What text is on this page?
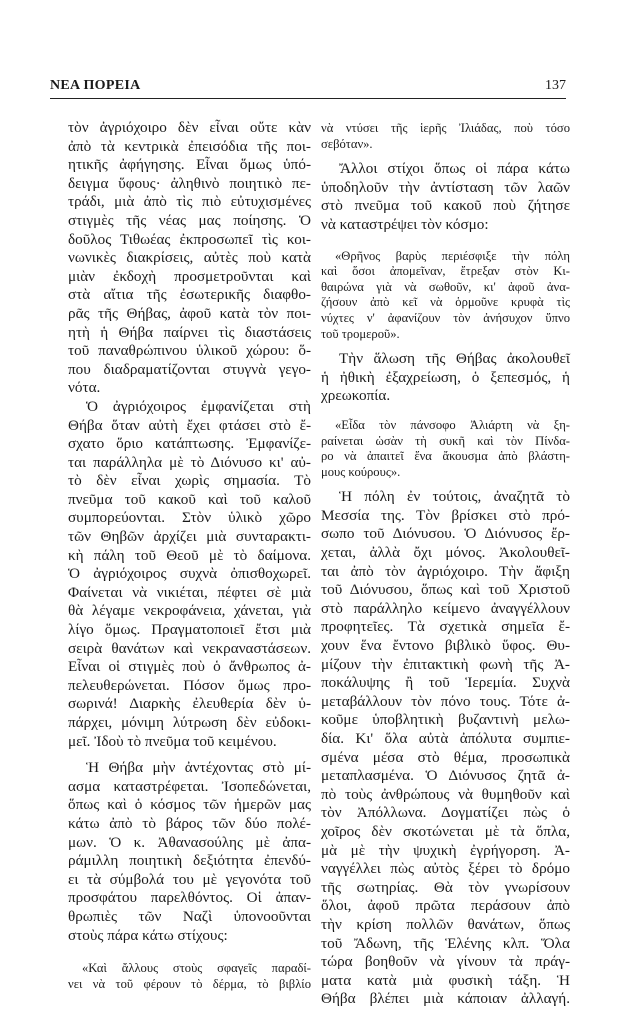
ΝΕΑ ΠΟΡΕΙΑ	137
τὸν ἀγριόχοιρο δὲν εἶναι οὔτε κὰν
ἀπὸ τὰ κεντρικὰ ἐπεισόδια τῆς ποι-
ητικῆς ἀφήγησης. Εἶναι ὅμως ὑπό-
δειγμα ὕφους· ἀληθινὸ ποιητικὸ πε-
τράδι, μιὰ ἀπὸ τὶς πιὸ εὐτυχισμένες
στιγμὲς τῆς νέας μας ποίησης. Ὁ
δοῦλος Τιθωέας ἐκπροσωπεῖ τὶς κοι-
νωνικὲς διακρίσεις, αὐτὲς ποὺ κατὰ
μιὰν ἐκδοχὴ προσμετροῦνται καὶ
στὰ αἴτια τῆς ἐσωτερικῆς διαφθο-
ρᾶς τῆς Θήβας, ἀφοῦ κατὰ τὸν ποι-
ητὴ ἡ Θήβα παίρνει τὶς διαστάσεις
τοῦ παναθρώπινου ὑλικοῦ χώρου: ὅ-
που διαδραματίζονται στυγνὰ γεγο-
νότα.
Ὁ ἀγριόχοιρος ἐμφανίζεται στὴ
Θήβα ὅταν αὐτὴ ἔχει φτάσει στὸ ἔ-
σχατο ὅριο κατάπτωσης. Ἐμφανίζε-
ται παράλληλα μὲ τὸ Διόνυσο κι' αὐ-
τὸ δὲν εἶναι χωρὶς σημασία. Τὸ
πνεῦμα τοῦ κακοῦ καὶ τοῦ καλοῦ
συμπορεύονται. Στὸν ὑλικὸ χῶρο
τῶν Θηβῶν ἀρχίζει μιὰ συνταρακτι-
κὴ πάλη τοῦ Θεοῦ μὲ τὸ δαίμονα.
Ὁ ἀγριόχοιρος συχνὰ ὀπισθοχωρεῖ.
Φαίνεται νὰ νικιέται, πέφτει σὲ μιὰ
θὰ λέγαμε νεκροφάνεια, χάνεται, γιὰ
λίγο ὅμως. Πραγματοποιεῖ ἔτσι μιὰ
σειρὰ θανάτων καὶ νεκραναστάσεων.
Εἶναι οἱ στιγμὲς ποὺ ὁ ἄνθρωπος ἀ-
πελευθερώνεται. Πόσον ὅμως προ-
σωρινά! Διαρκὴς ἐλευθερία δὲν ὑ-
πάρχει, μόνιμη λύτρωση δὲν εὐδοκι-
μεῖ. Ἰδοὺ τὸ πνεῦμα τοῦ κειμένου.
Ἡ Θήβα μὴν ἀντέχοντας στὸ μί-
ασμα καταστρέφεται. Ἰσοπεδώνεται,
ὅπως καὶ ὁ κόσμος τῶν ἡμερῶν μας
κάτω ἀπὸ τὸ βάρος τῶν δύο πολέ-
μων. Ὁ κ. Ἀθανασούλης μὲ ἀπα-
ράμιλλη ποιητικὴ δεξιότητα ἐπενδύ-
ει τὰ σύμβολά του μὲ γεγονότα τοῦ
προσφάτου παρελθόντος. Οἱ ἀπαν-
θρωπιὲς τῶν Ναζὶ ὑπονοοῦνται
στοὺς πάρα κάτω στίχους:
«Καὶ ἄλλους στοὺς σφαγεῖς παραδί-
νει νὰ τοῦ φέρουν τὸ δέρμα, τὸ βιβλίο
νὰ ντύσει τῆς ἱερῆς Ἰλιάδας, ποὺ τόσο
σεβόταν».
Ἄλλοι στίχοι ὅπως οἱ πάρα κάτω
ὑποδηλοῦν τὴν ἀντίσταση τῶν λαῶν
στὸ πνεῦμα τοῦ κακοῦ ποὺ ζήτησε
νὰ καταστρέψει τὸν κόσμο:
«Θρῆνος βαρὺς περιέσφιξε τὴν πόλη
καὶ ὅσοι ἀπομεῖναν, ἔτρεξαν στὸν Κι-
θαιρώνα γιὰ νὰ σωθοῦν, κι' ἀφοῦ ἀνα-
ζήσουν ἀπὸ κεῖ νὰ ὁρμοῦνε κρυφὰ τὶς
νύχτες ν' ἀφανίζουν τὸν ἀνήσυχον ὕπνο
τοῦ τρομεροῦ».
Τὴν ἅλωση τῆς Θήβας ἀκολουθεῖ
ἡ ἠθικὴ ἐξαχρείωση, ὁ ξεπεσμός, ἡ
χρεωκοπία.
«Εἶδα τὸν πάνσοφο Ἀλιάρτη νὰ ξη-
ραίνεται ὡσὰν τὴ συκῆ καὶ τὸν Πίνδα-
ρο νὰ ἀπαιτεῖ ἕνα ἄκουσμα ἀπὸ βλάστη-
μους κούρους».
Ἡ πόλη ἐν τούτοις, ἀναζητᾶ τὸ
Μεσσία της. Τὸν βρίσκει στὸ πρό-
σωπο τοῦ Διόνυσου. Ὁ Διόνυσος ἔρ-
χεται, ἀλλὰ ὄχι μόνος. Ἀκολουθεῖ-
ται ἀπὸ τὸν ἀγριόχοιρο. Τὴν ἄφιξη
τοῦ Διόνυσου, ὅπως καὶ τοῦ Χριστοῦ
στὸ παράλληλο κείμενο ἀναγγέλλουν
προφητεῖες. Τὰ σχετικὰ σημεῖα ἔ-
χουν ἕνα ἔντονο βιβλικὸ ὕφος. Θυ-
μίζουν τὴν ἐπιτακτικὴ φωνὴ τῆς Ἀ-
ποκάλυψης ἢ τοῦ Ἱερεμία. Συχνὰ
μεταβάλλουν τὸν πόνο τους. Τότε ἀ-
κοῦμε ὑποβλητικὴ βυζαντινὴ μελω-
δία. Κι' ὅλα αὐτὰ ἀπόλυτα συμπιε-
σμένα μέσα στὸ θέμα, προσωπικὰ
μεταπλασμένα. Ὁ Διόνυσος ζητᾶ ἀ-
πὸ τοὺς ἀνθρώπους νὰ θυμηθοῦν καὶ
τὸν Ἀπόλλωνα. Δογματίζει πὼς ὁ
χοῖρος δὲν σκοτώνεται μὲ τὰ ὅπλα,
μὰ μὲ τὴν ψυχικὴ ἐγρήγορση. Ἀ-
ναγγέλλει πὼς αὐτὸς ξέρει τὸ δρόμο
τῆς σωτηρίας. Θὰ τὸν γνωρίσουν
ὅλοι, ἀφοῦ πρῶτα περάσουν ἀπὸ
τὴν κρίση πολλῶν θανάτων, ὅπως
τοῦ Ἄδωνη, τῆς Ἑλένης κλπ. Ὅλα
τώρα βοηθοῦν νὰ γίνουν τὰ πράγ-
ματα κατὰ μιὰ φυσικὴ τάξη. Ἡ
Θήβα βλέπει μιὰ κάποιαν ἀλλαγή.
